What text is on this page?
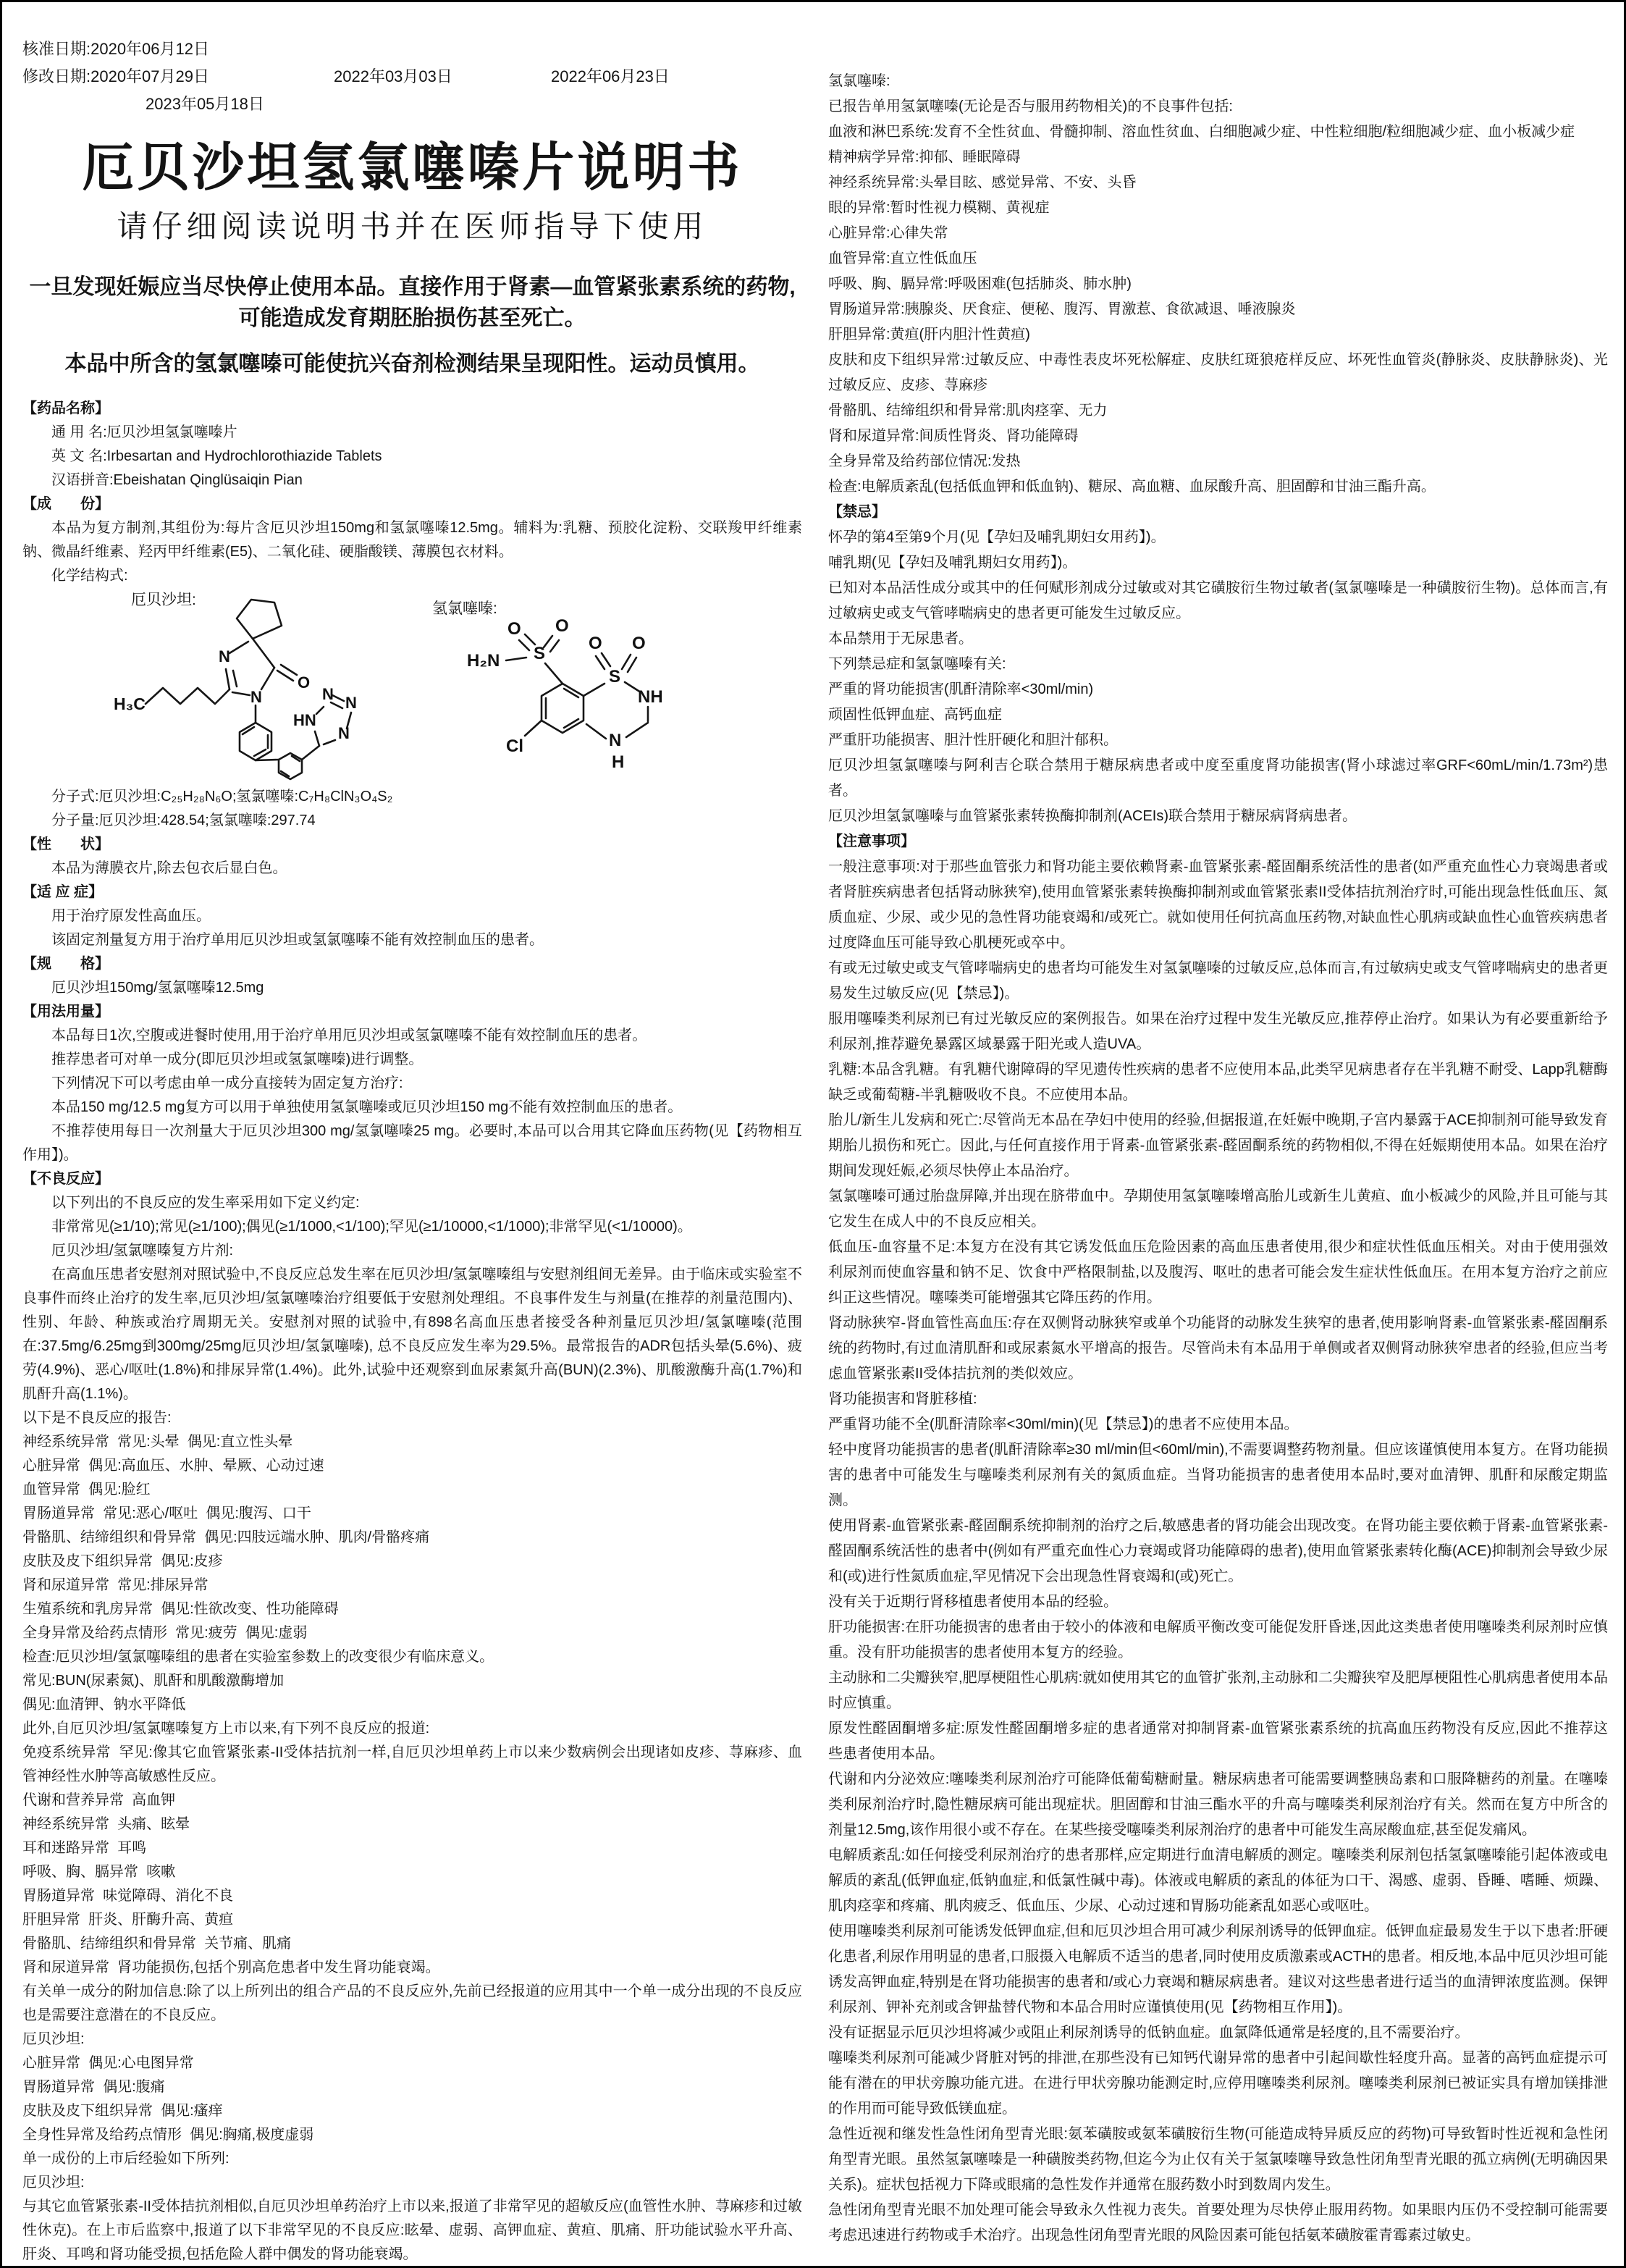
核准日期:2020年06月12日
修改日期:2020年07月29日	2022年03月03日	2022年06月23日
2023年05月18日
厄贝沙坦氢氯噻嗪片说明书
请仔细阅读说明书并在医师指导下使用
一旦发现妊娠应当尽快停止使用本品。直接作用于肾素—血管紧张素系统的药物,
可能造成发育期胚胎损伤甚至死亡。
本品中所含的氢氯噻嗪可能使抗兴奋剂检测结果呈现阳性。运动员慎用。
【药品名称】
通 用 名:厄贝沙坦氢氯噻嗪片
英 文 名:Irbesartan and Hydrochlorothiazide Tablets
汉语拼音:Ebeishatan Qinglüsaiqin Pian
【成　　份】
本品为复方制剂,其组份为:每片含厄贝沙坦150mg和氢氯噻嗪12.5mg。辅料为:乳糖、预胶化淀粉、交联羧甲纤维素钠、微晶纤维素、羟丙甲纤维素(E5)、二氧化硅、硬脂酸镁、薄膜包衣材料。
化学结构式:
厄贝沙坦:
氢氯噻嗪:
H₃C
N
N
O
HN
N N
N
S
O O
H₂N
Cl
S
O O
NH
N
H
分子式:厄贝沙坦:C₂₅H₂₈N₆O;氢氯噻嗪:C₇H₈ClN₃O₄S₂
分子量:厄贝沙坦:428.54;氢氯噻嗪:297.74
【性　　状】
本品为薄膜衣片,除去包衣后显白色。
【适 应 症】
用于治疗原发性高血压。
该固定剂量复方用于治疗单用厄贝沙坦或氢氯噻嗪不能有效控制血压的患者。
【规　　格】
厄贝沙坦150mg/氢氯噻嗪12.5mg
【用法用量】
本品每日1次,空腹或进餐时使用,用于治疗单用厄贝沙坦或氢氯噻嗪不能有效控制血压的患者。
推荐患者可对单一成分(即厄贝沙坦或氢氯噻嗪)进行调整。
下列情况下可以考虑由单一成分直接转为固定复方治疗:
本品150 mg/12.5 mg复方可以用于单独使用氢氯噻嗪或厄贝沙坦150 mg不能有效控制血压的患者。
不推荐使用每日一次剂量大于厄贝沙坦300 mg/氢氯噻嗪25 mg。必要时,本品可以合用其它降血压药物(见【药物相互作用】)。
【不良反应】
以下列出的不良反应的发生率采用如下定义约定:
非常常见(≥1/10);常见(≥1/100);偶见(≥1/1000,<1/100);罕见(≥1/10000,<1/1000);非常罕见(<1/10000)。
厄贝沙坦/氢氯噻嗪复方片剂:
在高血压患者安慰剂对照试验中,不良反应总发生率在厄贝沙坦/氢氯噻嗪组与安慰剂组间无差异。由于临床或实验室不良事件而终止治疗的发生率,厄贝沙坦/氢氯噻嗪治疗组要低于安慰剂处理组。不良事件发生与剂量(在推荐的剂量范围内)、性别、年龄、种族或治疗周期无关。安慰剂对照的试验中,有898名高血压患者接受各种剂量厄贝沙坦/氢氯噻嗪(范围在:37.5mg/6.25mg到300mg/25mg厄贝沙坦/氢氯噻嗪), 总不良反应发生率为29.5%。最常报告的ADR包括头晕(5.6%)、疲劳(4.9%)、恶心/呕吐(1.8%)和排尿异常(1.4%)。此外,试验中还观察到血尿素氮升高(BUN)(2.3%)、肌酸激酶升高(1.7%)和肌酐升高(1.1%)。
以下是不良反应的报告:
神经系统异常  常见:头晕  偶见:直立性头晕
心脏异常  偶见:高血压、水肿、晕厥、心动过速
血管异常  偶见:脸红
胃肠道异常  常见:恶心/呕吐  偶见:腹泻、口干
骨骼肌、结缔组织和骨异常  偶见:四肢远端水肿、肌肉/骨骼疼痛
皮肤及皮下组织异常  偶见:皮疹
肾和尿道异常  常见:排尿异常
生殖系统和乳房异常  偶见:性欲改变、性功能障碍
全身异常及给药点情形  常见:疲劳  偶见:虚弱
检查:厄贝沙坦/氢氯噻嗪组的患者在实验室参数上的改变很少有临床意义。
常见:BUN(尿素氮)、肌酐和肌酸激酶增加
偶见:血清钾、钠水平降低
此外,自厄贝沙坦/氢氯噻嗪复方上市以来,有下列不良反应的报道:
免疫系统异常  罕见:像其它血管紧张素-II受体拮抗剂一样,自厄贝沙坦单药上市以来少数病例会出现诸如皮疹、荨麻疹、血管神经性水肿等高敏感性反应。
代谢和营养异常  高血钾
神经系统异常  头痛、眩晕
耳和迷路异常  耳鸣
呼吸、胸、膈异常  咳嗽
胃肠道异常  味觉障碍、消化不良
肝胆异常  肝炎、肝酶升高、黄疸
骨骼肌、结缔组织和骨异常  关节痛、肌痛
肾和尿道异常  肾功能损伤,包括个别高危患者中发生肾功能衰竭。
有关单一成分的附加信息:除了以上所列出的组合产品的不良反应外,先前已经报道的应用其中一个单一成分出现的不良反应也是需要注意潜在的不良反应。
厄贝沙坦:
心脏异常  偶见:心电图异常
胃肠道异常  偶见:腹痛
皮肤及皮下组织异常  偶见:瘙痒
全身性异常及给药点情形  偶见:胸痛,极度虚弱
单一成份的上市后经验如下所列:
厄贝沙坦:
与其它血管紧张素-II受体拮抗剂相似,自厄贝沙坦单药治疗上市以来,报道了非常罕见的超敏反应(血管性水肿、荨麻疹和过敏性休克)。在上市后监察中,报道了以下非常罕见的不良反应:眩晕、虚弱、高钾血症、黄疸、肌痛、肝功能试验水平升高、肝炎、耳鸣和肾功能受损,包括危险人群中偶发的肾功能衰竭。
氢氯噻嗪:
已报告单用氢氯噻嗪(无论是否与服用药物相关)的不良事件包括:
血液和淋巴系统:发育不全性贫血、骨髓抑制、溶血性贫血、白细胞减少症、中性粒细胞/粒细胞减少症、血小板减少症
精神病学异常:抑郁、睡眠障碍
神经系统异常:头晕目眩、感觉异常、不安、头昏
眼的异常:暂时性视力模糊、黄视症
心脏异常:心律失常
血管异常:直立性低血压
呼吸、胸、膈异常:呼吸困难(包括肺炎、肺水肿)
胃肠道异常:胰腺炎、厌食症、便秘、腹泻、胃激惹、食欲减退、唾液腺炎
肝胆异常:黄疸(肝内胆汁性黄疸)
皮肤和皮下组织异常:过敏反应、中毒性表皮坏死松解症、皮肤红斑狼疮样反应、坏死性血管炎(静脉炎、皮肤静脉炎)、光过敏反应、皮疹、荨麻疹
骨骼肌、结缔组织和骨异常:肌肉痉挛、无力
肾和尿道异常:间质性肾炎、肾功能障碍
全身异常及给药部位情况:发热
检查:电解质紊乱(包括低血钾和低血钠)、糖尿、高血糖、血尿酸升高、胆固醇和甘油三酯升高。
【禁忌】
怀孕的第4至第9个月(见【孕妇及哺乳期妇女用药】)。
哺乳期(见【孕妇及哺乳期妇女用药】)。
已知对本品活性成分或其中的任何赋形剂成分过敏或对其它磺胺衍生物过敏者(氢氯噻嗪是一种磺胺衍生物)。总体而言,有过敏病史或支气管哮喘病史的患者更可能发生过敏反应。
本品禁用于无尿患者。
下列禁忌症和氢氯噻嗪有关:
严重的肾功能损害(肌酐清除率<30ml/min)
顽固性低钾血症、高钙血症
严重肝功能损害、胆汁性肝硬化和胆汁郁积。
厄贝沙坦氢氯噻嗪与阿利吉仑联合禁用于糖尿病患者或中度至重度肾功能损害(肾小球滤过率GRF<60mL/min/1.73m²)患者。
厄贝沙坦氢氯噻嗪与血管紧张素转换酶抑制剂(ACEIs)联合禁用于糖尿病肾病患者。
【注意事项】
一般注意事项:对于那些血管张力和肾功能主要依赖肾素-血管紧张素-醛固酮系统活性的患者(如严重充血性心力衰竭患者或者肾脏疾病患者包括肾动脉狭窄),使用血管紧张素转换酶抑制剂或血管紧张素II受体拮抗剂治疗时,可能出现急性低血压、氮质血症、少尿、或少见的急性肾功能衰竭和/或死亡。就如使用任何抗高血压药物,对缺血性心肌病或缺血性心血管疾病患者过度降血压可能导致心肌梗死或卒中。
有或无过敏史或支气管哮喘病史的患者均可能发生对氢氯噻嗪的过敏反应,总体而言,有过敏病史或支气管哮喘病史的患者更易发生过敏反应(见【禁忌】)。
服用噻嗪类利尿剂已有过光敏反应的案例报告。如果在治疗过程中发生光敏反应,推荐停止治疗。如果认为有必要重新给予利尿剂,推荐避免暴露区域暴露于阳光或人造UVA。
乳糖:本品含乳糖。有乳糖代谢障碍的罕见遗传性疾病的患者不应使用本品,此类罕见病患者存在半乳糖不耐受、Lapp乳糖酶缺乏或葡萄糖-半乳糖吸收不良。不应使用本品。
胎儿/新生儿发病和死亡:尽管尚无本品在孕妇中使用的经验,但据报道,在妊娠中晚期,子宫内暴露于ACE抑制剂可能导致发育期胎儿损伤和死亡。因此,与任何直接作用于肾素-血管紧张素-醛固酮系统的药物相似,不得在妊娠期使用本品。如果在治疗期间发现妊娠,必须尽快停止本品治疗。
氢氯噻嗪可通过胎盘屏障,并出现在脐带血中。孕期使用氢氯噻嗪增高胎儿或新生儿黄疸、血小板减少的风险,并且可能与其它发生在成人中的不良反应相关。
低血压-血容量不足:本复方在没有其它诱发低血压危险因素的高血压患者使用,很少和症状性低血压相关。对由于使用强效利尿剂而使血容量和钠不足、饮食中严格限制盐,以及腹泻、呕吐的患者可能会发生症状性低血压。在用本复方治疗之前应纠正这些情况。噻嗪类可能增强其它降压药的作用。
肾动脉狭窄-肾血管性高血压:存在双侧肾动脉狭窄或单个功能肾的动脉发生狭窄的患者,使用影响肾素-血管紧张素-醛固酮系统的药物时,有过血清肌酐和或尿素氮水平增高的报告。尽管尚未有本品用于单侧或者双侧肾动脉狭窄患者的经验,但应当考虑血管紧张素II受体拮抗剂的类似效应。
肾功能损害和肾脏移植:
严重肾功能不全(肌酐清除率<30ml/min)(见【禁忌】)的患者不应使用本品。
轻中度肾功能损害的患者(肌酐清除率≥30 ml/min但<60ml/min),不需要调整药物剂量。但应该谨慎使用本复方。在肾功能损害的患者中可能发生与噻嗪类利尿剂有关的氮质血症。当肾功能损害的患者使用本品时,要对血清钾、肌酐和尿酸定期监测。
使用肾素-血管紧张素-醛固酮系统抑制剂的治疗之后,敏感患者的肾功能会出现改变。在肾功能主要依赖于肾素-血管紧张素-醛固酮系统活性的患者中(例如有严重充血性心力衰竭或肾功能障碍的患者),使用血管紧张素转化酶(ACE)抑制剂会导致少尿和(或)进行性氮质血症,罕见情况下会出现急性肾衰竭和(或)死亡。
没有关于近期行肾移植患者使用本品的经验。
肝功能损害:在肝功能损害的患者由于较小的体液和电解质平衡改变可能促发肝昏迷,因此这类患者使用噻嗪类利尿剂时应慎重。没有肝功能损害的患者使用本复方的经验。
主动脉和二尖瓣狭窄,肥厚梗阻性心肌病:就如使用其它的血管扩张剂,主动脉和二尖瓣狭窄及肥厚梗阻性心肌病患者使用本品时应慎重。
原发性醛固酮增多症:原发性醛固酮增多症的患者通常对抑制肾素-血管紧张素系统的抗高血压药物没有反应,因此不推荐这些患者使用本品。
代谢和内分泌效应:噻嗪类利尿剂治疗可能降低葡萄糖耐量。糖尿病患者可能需要调整胰岛素和口服降糖药的剂量。在噻嗪类利尿剂治疗时,隐性糖尿病可能出现症状。胆固醇和甘油三酯水平的升高与噻嗪类利尿剂治疗有关。然而在复方中所含的剂量12.5mg,该作用很小或不存在。在某些接受噻嗪类利尿剂治疗的患者中可能发生高尿酸血症,甚至促发痛风。
电解质紊乱:如任何接受利尿剂治疗的患者那样,应定期进行血清电解质的测定。噻嗪类利尿剂包括氢氯噻嗪能引起体液或电解质的紊乱(低钾血症,低钠血症,和低氯性碱中毒)。体液或电解质的紊乱的体征为口干、渴感、虚弱、昏睡、嗜睡、烦躁、肌肉痉挛和疼痛、肌肉疲乏、低血压、少尿、心动过速和胃肠功能紊乱如恶心或呕吐。
使用噻嗪类利尿剂可能诱发低钾血症,但和厄贝沙坦合用可减少利尿剂诱导的低钾血症。低钾血症最易发生于以下患者:肝硬化患者,利尿作用明显的患者,口服摄入电解质不适当的患者,同时使用皮质激素或ACTH的患者。相反地,本品中厄贝沙坦可能诱发高钾血症,特别是在肾功能损害的患者和/或心力衰竭和糖尿病患者。建议对这些患者进行适当的血清钾浓度监测。保钾利尿剂、钾补充剂或含钾盐替代物和本品合用时应谨慎使用(见【药物相互作用】)。
没有证据显示厄贝沙坦将减少或阻止利尿剂诱导的低钠血症。血氯降低通常是轻度的,且不需要治疗。
噻嗪类利尿剂可能减少肾脏对钙的排泄,在那些没有已知钙代谢异常的患者中引起间歇性轻度升高。显著的高钙血症提示可能有潜在的甲状旁腺功能亢进。在进行甲状旁腺功能测定时,应停用噻嗪类利尿剂。噻嗪类利尿剂已被证实具有增加镁排泄的作用而可能导致低镁血症。
急性近视和继发性急性闭角型青光眼:氨苯磺胺或氨苯磺胺衍生物(可能造成特异质反应的药物)可导致暂时性近视和急性闭角型青光眼。虽然氢氯噻嗪是一种磺胺类药物,但迄今为止仅有关于氢氯嗪噻导致急性闭角型青光眼的孤立病例(无明确因果关系)。症状包括视力下降或眼痛的急性发作并通常在服药数小时到数周内发生。
急性闭角型青光眼不加处理可能会导致永久性视力丧失。首要处理为尽快停止服用药物。如果眼内压仍不受控制可能需要考虑迅速进行药物或手术治疗。出现急性闭角型青光眼的风险因素可能包括氨苯磺胺霍青霉素过敏史。
